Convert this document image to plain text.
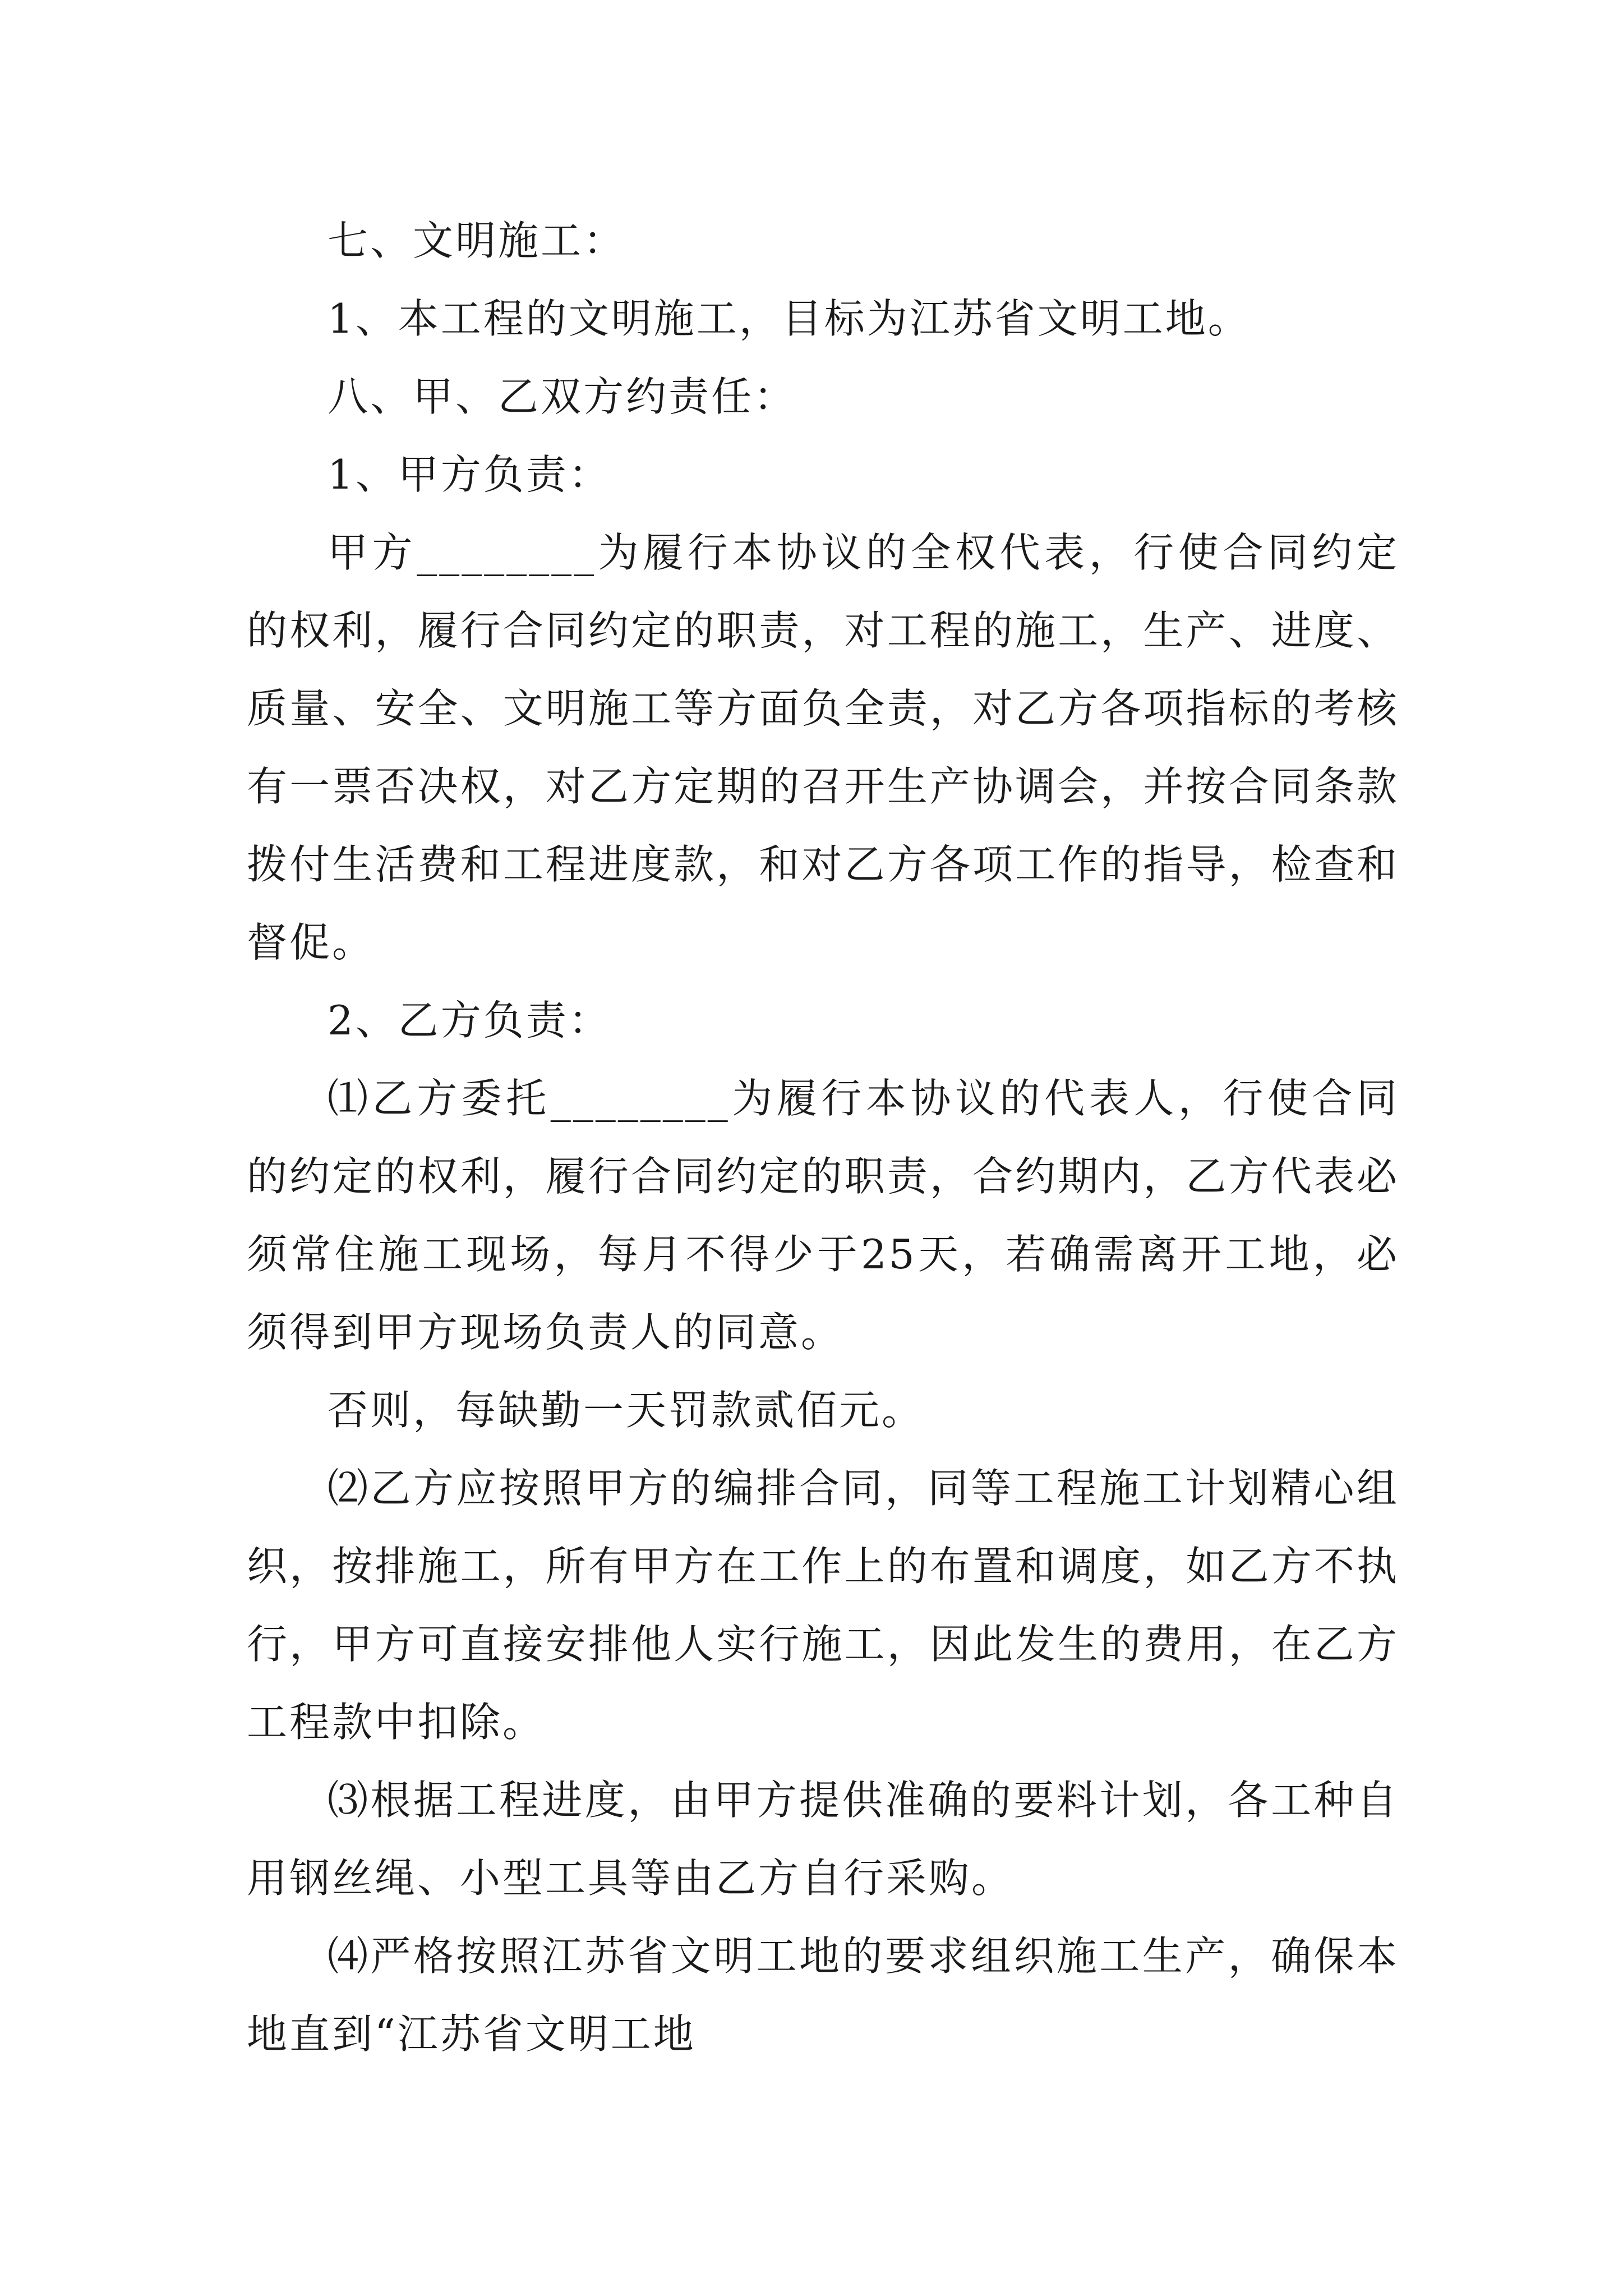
七、文明施工：

1、本工程的文明施工，目标为江苏省文明工地。

八、甲、乙双方约责任：

1、甲方负责：

甲方________为履行本协议的全权代表，行使合同约定的权利，履行合同约定的职责，对工程的施工，生产、进度、质量、安全、文明施工等方面负全责，对乙方各项指标的考核有一票否决权，对乙方定期的召开生产协调会，并按合同条款拨付生活费和工程进度款，和对乙方各项工作的指导，检查和督促。

2、乙方负责：

⑴乙方委托________为履行本协议的代表人，行使合同的约定的权利，履行合同约定的职责，合约期内，乙方代表必须常住施工现场，每月不得少于25天，若确需离开工地，必须得到甲方现场负责人的同意。

否则，每缺勤一天罚款贰佰元。

⑵乙方应按照甲方的编排合同，同等工程施工计划精心组织，按排施工，所有甲方在工作上的布置和调度，如乙方不执行，甲方可直接安排他人实行施工，因此发生的费用，在乙方工程款中扣除。

⑶根据工程进度，由甲方提供准确的要料计划，各工种自用钢丝绳、小型工具等由乙方自行采购。

⑷严格按照江苏省文明工地的要求组织施工生产，确保本地直到“江苏省文明工地
